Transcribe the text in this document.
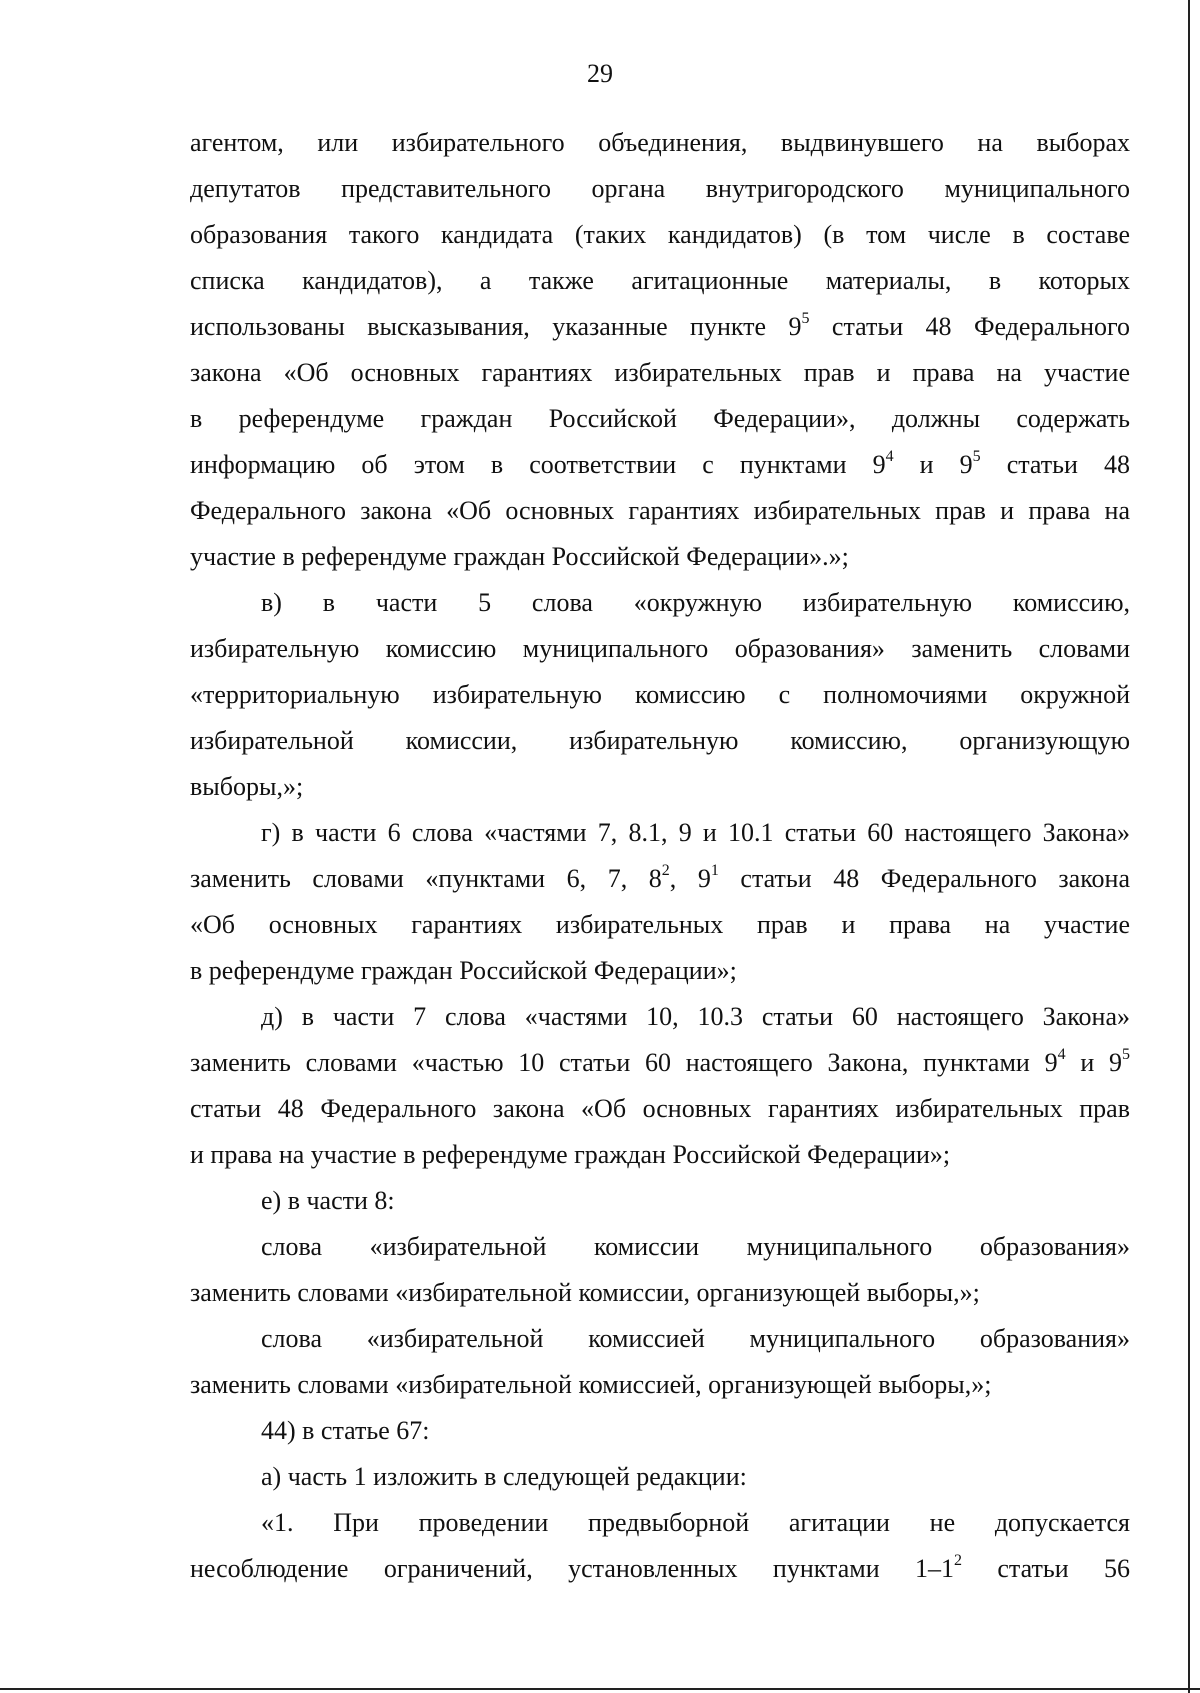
29
агентом, или избирательного объединения, выдвинувшего на выборах
депутатов представительного органа внутригородского муниципального
образования такого кандидата (таких кандидатов) (в том числе в составе
списка кандидатов), а также агитационные материалы, в которых
использованы высказывания, указанные пункте $9^5$ статьи 48 Федерального
закона «Об основных гарантиях избирательных прав и права на участие
в референдуме граждан Российской Федерации», должны содержать
информацию об этом в соответствии с пунктами $9^4$ и $9^5$ статьи 48
Федерального закона «Об основных гарантиях избирательных прав и права на
участие в референдуме граждан Российской Федерации».»;
в) в части 5 слова «окружную избирательную комиссию,
избирательную комиссию муниципального образования» заменить словами
«территориальную избирательную комиссию с полномочиями окружной
избирательной комиссии, избирательную комиссию, организующую
выборы,»;
г) в части 6 слова «частями 7, 8.1, 9 и 10.1 статьи 60 настоящего Закона»
заменить словами «пунктами 6, 7, $8^2$, $9^1$ статьи 48 Федерального закона
«Об основных гарантиях избирательных прав и права на участие
в референдуме граждан Российской Федерации»;
д) в части 7 слова «частями 10, 10.3 статьи 60 настоящего Закона»
заменить словами «частью 10 статьи 60 настоящего Закона, пунктами $9^4$ и $9^5$
статьи 48 Федерального закона «Об основных гарантиях избирательных прав
и права на участие в референдуме граждан Российской Федерации»;
е) в части 8:
слова «избирательной комиссии муниципального образования»
заменить словами «избирательной комиссии, организующей выборы,»;
слова «избирательной комиссией муниципального образования»
заменить словами «избирательной комиссией, организующей выборы,»;
44) в статье 67:
а) часть 1 изложить в следующей редакции:
«1. При проведении предвыборной агитации не допускается
несоблюдение ограничений, установленных пунктами $1-1^2$ статьи 56
